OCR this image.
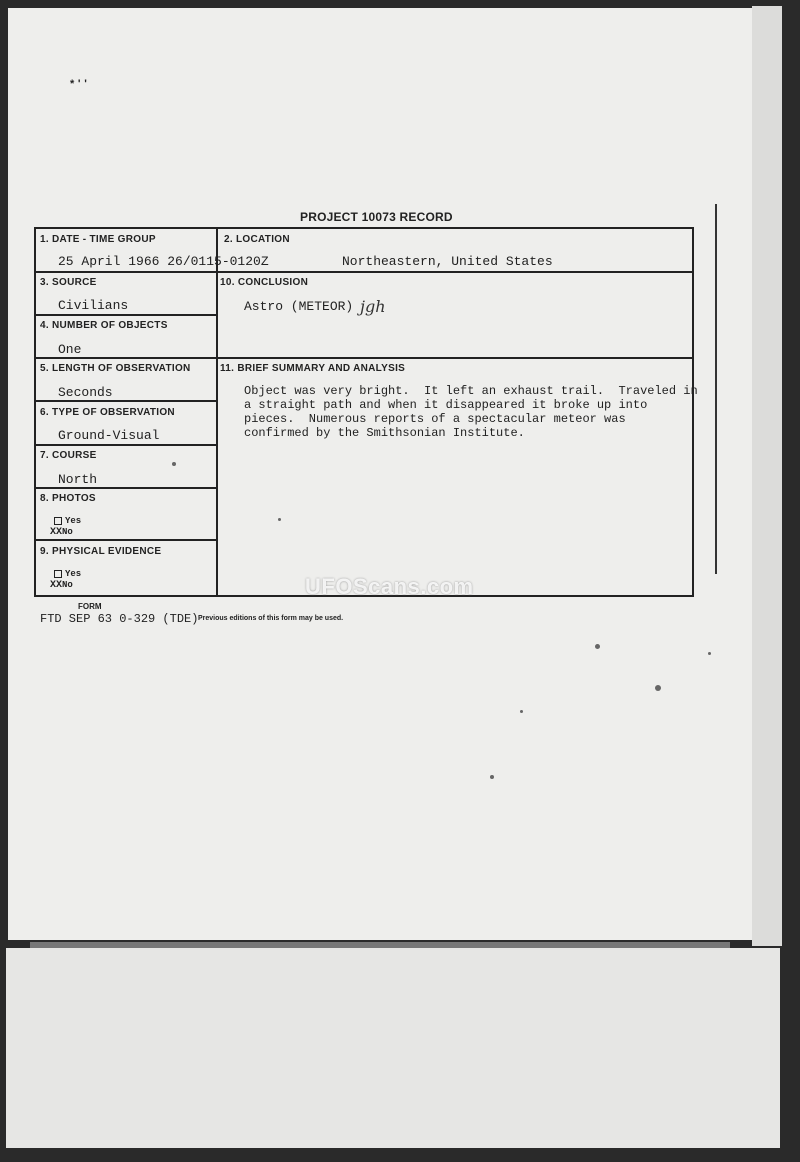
* ' '
PROJECT 10073 RECORD
1. DATE - TIME GROUP
25 April 1966 26/0115-0120Z
2. LOCATION
Northeastern, United States
3. SOURCE
Civilians
4. NUMBER OF OBJECTS
One
5. LENGTH OF OBSERVATION
Seconds
6. TYPE OF OBSERVATION
Ground-Visual
7. COURSE
North
8. PHOTOS
Yes
XXNo
9. PHYSICAL EVIDENCE
Yes
XXNo
10. CONCLUSION
Astro (METEOR)
11. BRIEF SUMMARY AND ANALYSIS
Object was very bright.  It left an exhaust trail.  Traveled in
a straight path and when it disappeared it broke up into
pieces.  Numerous reports of a spectacular meteor was
confirmed by the Smithsonian Institute.
jgh
FORM
FTD SEP 63 0-329 (TDE) Previous editions of this form may be used.
UFOScans.com
